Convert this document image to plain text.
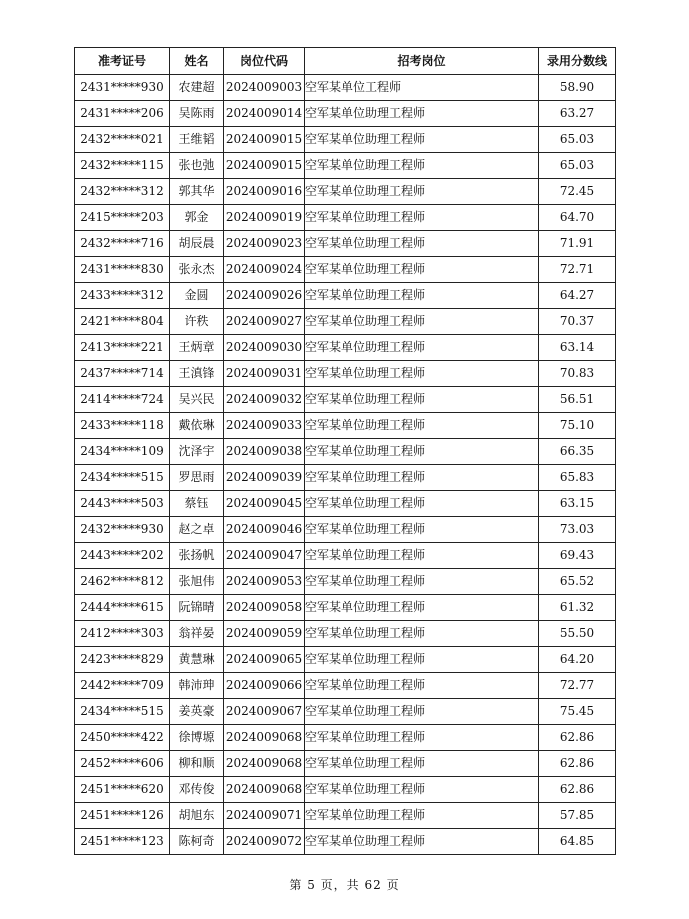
准考证号	姓名	岗位代码	招考岗位	录用分数线
2431*****930	农建超	2024009003	空军某单位工程师	58.90
2431*****206	吴陈雨	2024009014	空军某单位助理工程师	63.27
2432*****021	王维韬	2024009015	空军某单位助理工程师	65.03
2432*****115	张也弛	2024009015	空军某单位助理工程师	65.03
2432*****312	郭其华	2024009016	空军某单位助理工程师	72.45
2415*****203	郭金	2024009019	空军某单位助理工程师	64.70
2432*****716	胡辰晨	2024009023	空军某单位助理工程师	71.91
2431*****830	张永杰	2024009024	空军某单位助理工程师	72.71
2433*****312	金圆	2024009026	空军某单位助理工程师	64.27
2421*****804	许秩	2024009027	空军某单位助理工程师	70.37
2413*****221	王炳章	2024009030	空军某单位助理工程师	63.14
2437*****714	王滇锋	2024009031	空军某单位助理工程师	70.83
2414*****724	吴兴民	2024009032	空军某单位助理工程师	56.51
2433*****118	戴依琳	2024009033	空军某单位助理工程师	75.10
2434*****109	沈泽宇	2024009038	空军某单位助理工程师	66.35
2434*****515	罗思雨	2024009039	空军某单位助理工程师	65.83
2443*****503	蔡钰	2024009045	空军某单位助理工程师	63.15
2432*****930	赵之卓	2024009046	空军某单位助理工程师	73.03
2443*****202	张扬帆	2024009047	空军某单位助理工程师	69.43
2462*****812	张旭伟	2024009053	空军某单位助理工程师	65.52
2444*****615	阮锦晴	2024009058	空军某单位助理工程师	61.32
2412*****303	翁祥晏	2024009059	空军某单位助理工程师	55.50
2423*****829	黄慧琳	2024009065	空军某单位助理工程师	64.20
2442*****709	韩沛珅	2024009066	空军某单位助理工程师	72.77
2434*****515	姜英豪	2024009067	空军某单位助理工程师	75.45
2450*****422	徐博塬	2024009068	空军某单位助理工程师	62.86
2452*****606	柳和顺	2024009068	空军某单位助理工程师	62.86
2451*****620	邓传俊	2024009068	空军某单位助理工程师	62.86
2451*****126	胡旭东	2024009071	空军某单位助理工程师	57.85
2451*****123	陈柯奇	2024009072	空军某单位助理工程师	64.85
第 5 页，共 62 页
